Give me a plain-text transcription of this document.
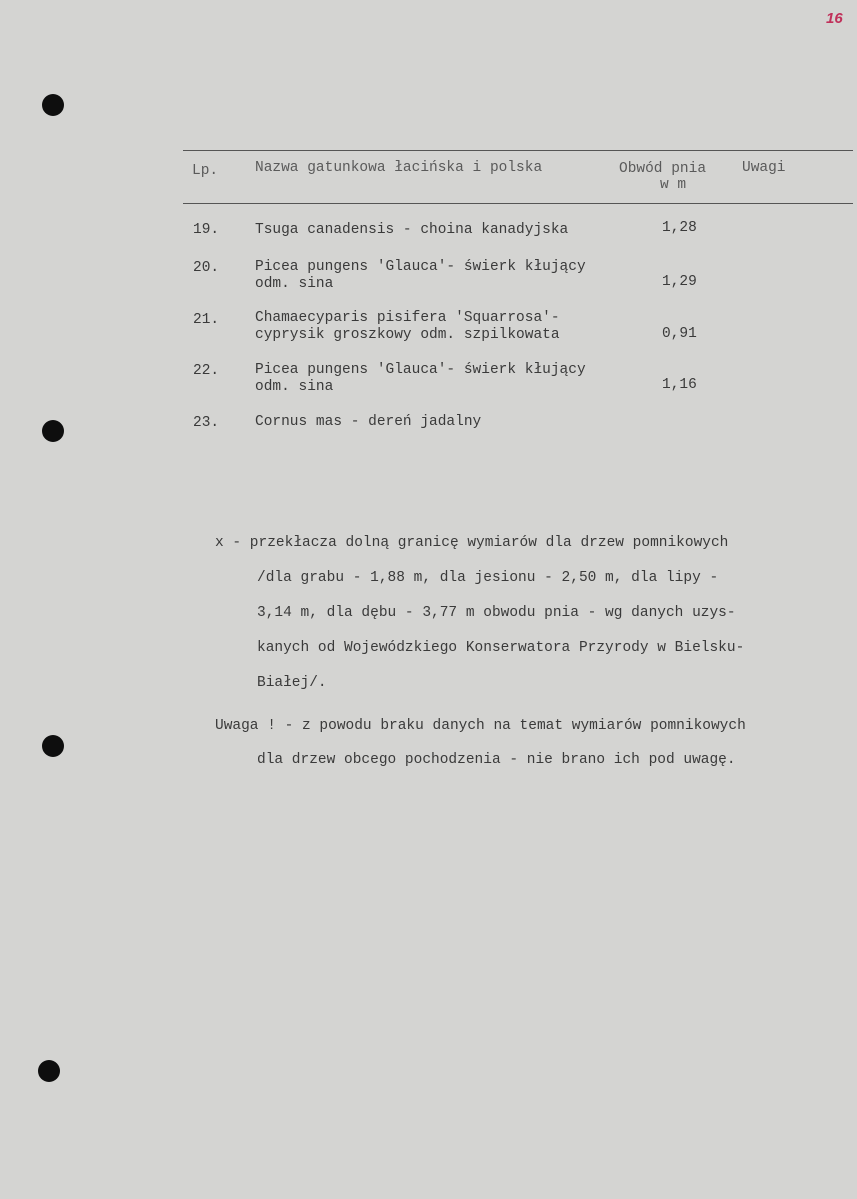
16
Lp.	Nazwa gatunkowa łacińska i polska	Obwód pnia
w m
Uwagi
19. Tsuga canadensis - choina kanadyjska	1,28
20. Picea pungens 'Glauca'- świerk kłujący
odm. sina	1,29
21. Chamaecyparis pisifera 'Squarrosa'-
cyprysik groszkowy odm. szpilkowata	0,91
22. Picea pungens 'Glauca'- świerk kłujący
odm. sina	1,16
23. Cornus mas - dereń jadalny
x - przekłacza dolną granicę wymiarów dla drzew pomnikowych
/dla grabu - 1,88 m, dla jesionu - 2,50 m, dla lipy -
3,14 m, dla dębu - 3,77 m obwodu pnia - wg danych uzys-
kanych od Wojewódzkiego Konserwatora Przyrody w Bielsku-
Białej/.
Uwaga ! - z powodu braku danych na temat wymiarów pomnikowych
dla drzew obcego pochodzenia - nie brano ich pod uwagę.
